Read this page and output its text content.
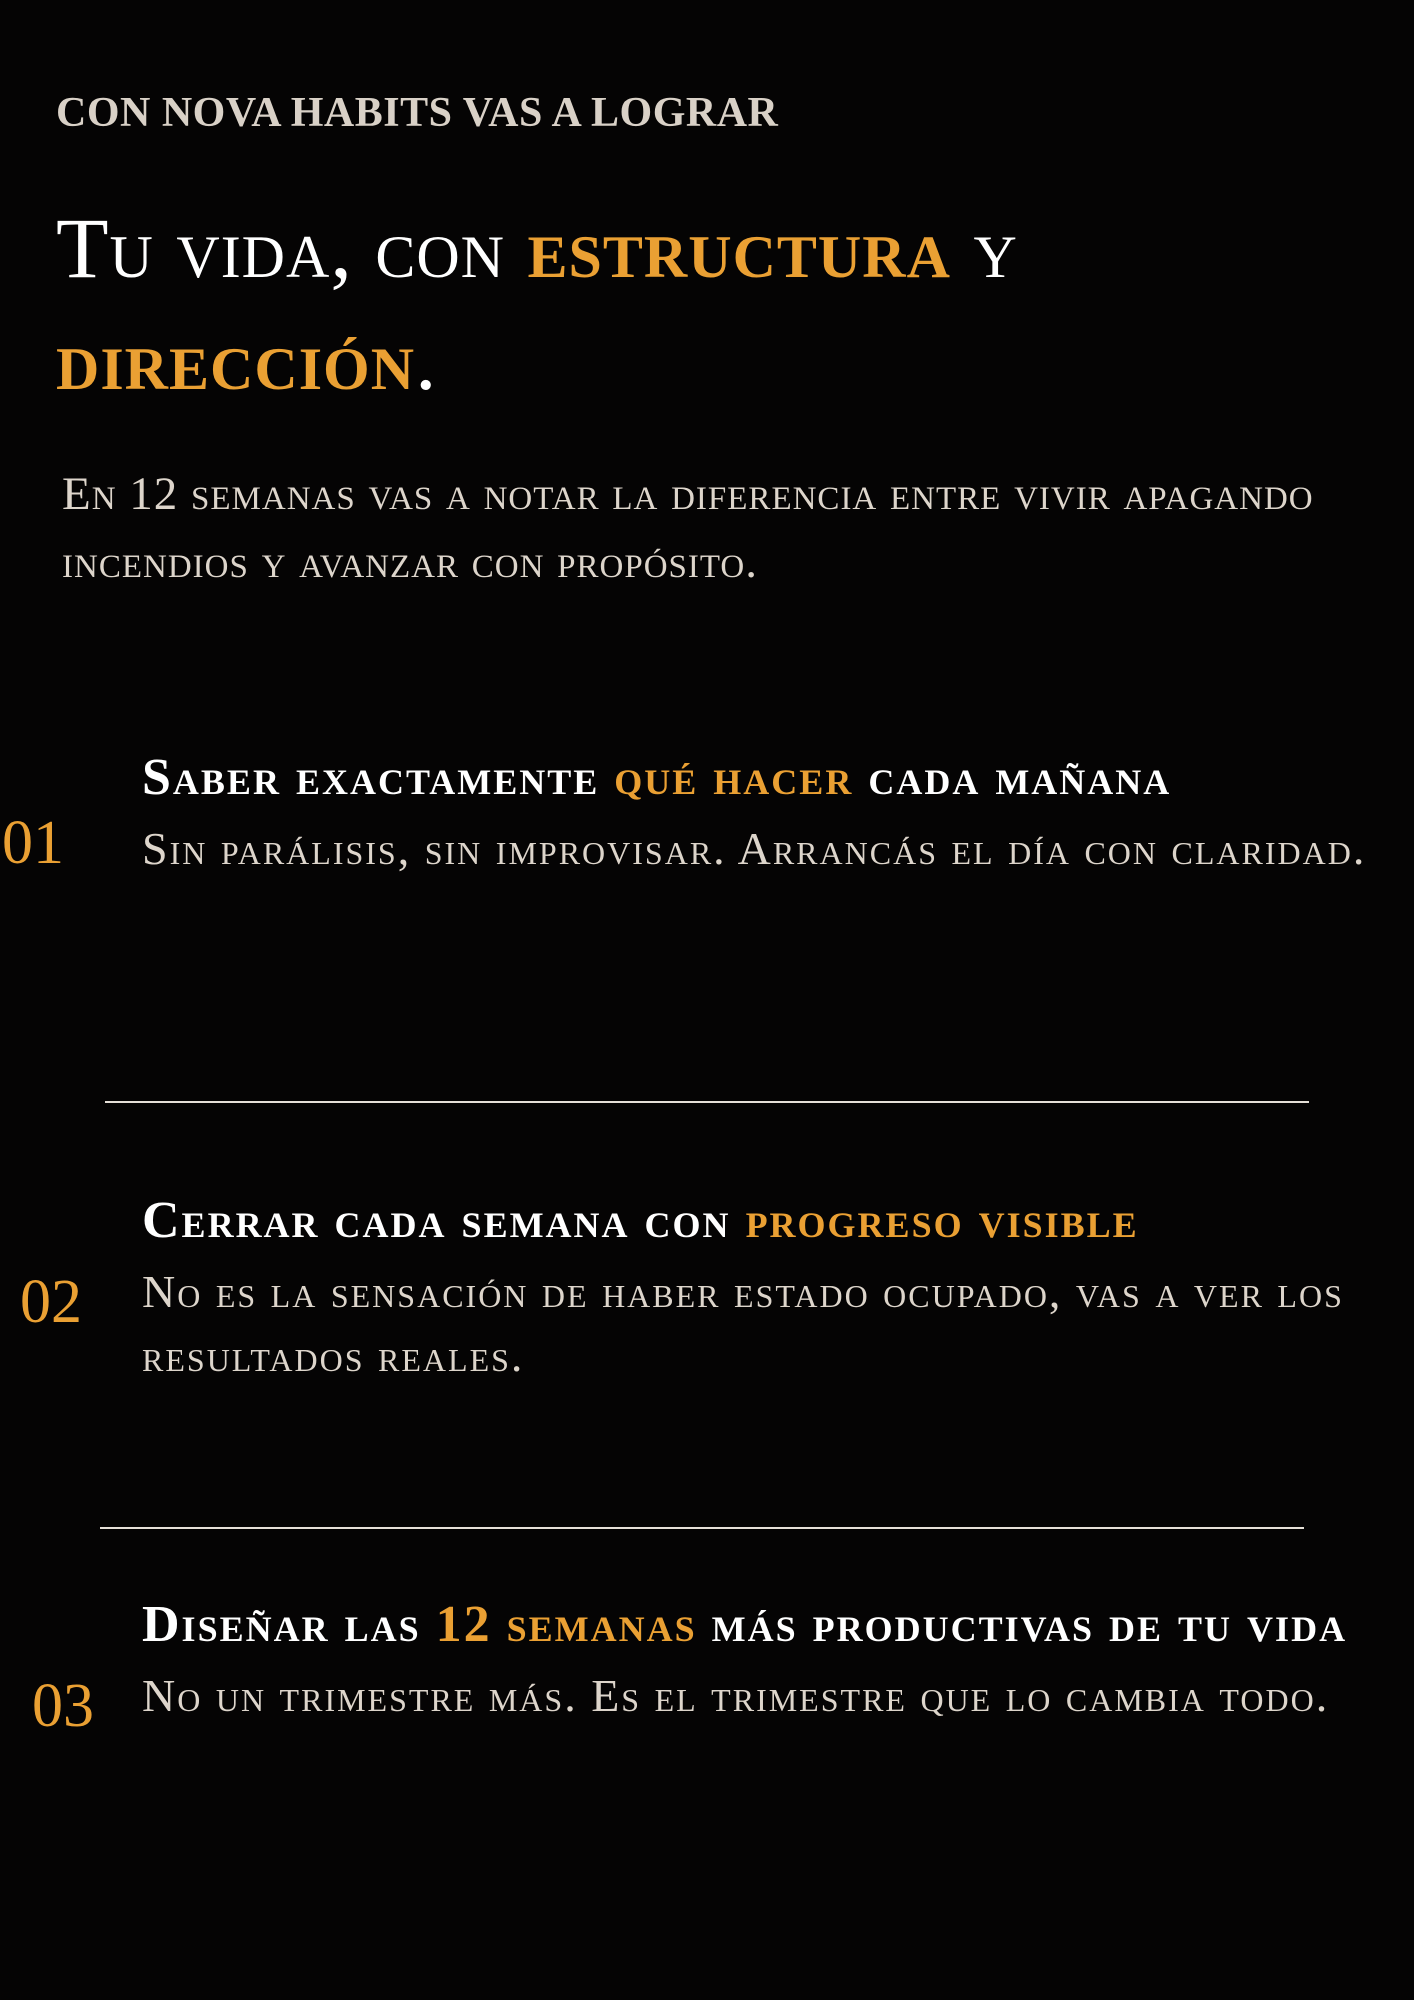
CON NOVA HABITS VAS A LOGRAR
Tu vida, con estructura y dirección.
En 12 semanas vas a notar la diferencia entre vivir apagando incendios y avanzar con propósito.
01
Saber exactamente qué hacer cada mañana
Sin parálisis, sin improvisar. Arrancás el día con claridad.
02
Cerrar cada semana con progreso visible
No es la sensación de haber estado ocupado, vas a ver los resultados reales.
03
Diseñar las 12 semanas más productivas de tu vida
No un trimestre más. Es el trimestre que lo cambia todo.
